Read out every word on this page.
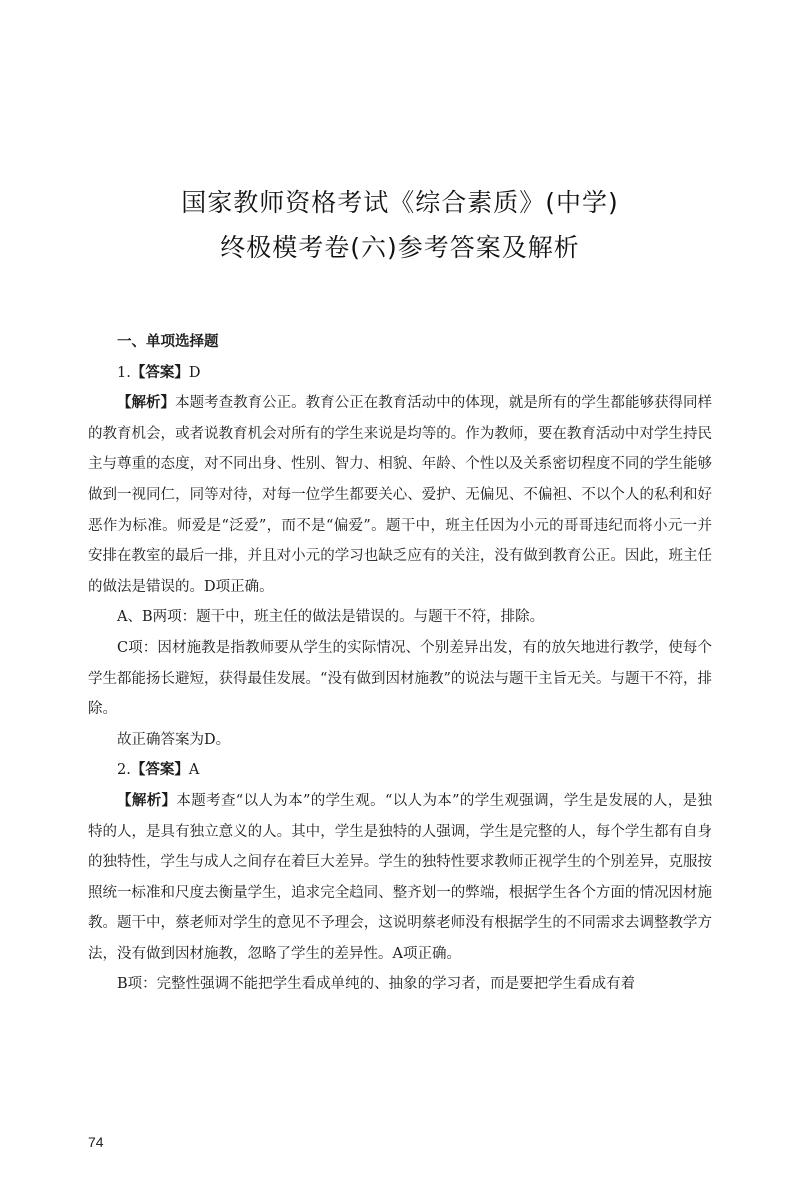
国家教师资格考试《综合素质》(中学)
终极模考卷(六)参考答案及解析

一、单项选择题

1.【答案】D

【解析】本题考查教育公正。教育公正在教育活动中的体现，就是所有的学生都能够获得同样的教育机会，或者说教育机会对所有的学生来说是均等的。作为教师，要在教育活动中对学生持民主与尊重的态度，对不同出身、性别、智力、相貌、年龄、个性以及关系密切程度不同的学生能够做到一视同仁，同等对待，对每一位学生都要关心、爱护、无偏见、不偏袒、不以个人的私利和好恶作为标准。师爱是“泛爱”，而不是“偏爱”。题干中，班主任因为小元的哥哥违纪而将小元一并安排在教室的最后一排，并且对小元的学习也缺乏应有的关注，没有做到教育公正。因此，班主任的做法是错误的。D项正确。

A、B两项：题干中，班主任的做法是错误的。与题干不符，排除。

C项：因材施教是指教师要从学生的实际情况、个别差异出发，有的放矢地进行教学，使每个学生都能扬长避短，获得最佳发展。“没有做到因材施教”的说法与题干主旨无关。与题干不符，排除。

故正确答案为D。

2.【答案】A

【解析】本题考查“以人为本”的学生观。“以人为本”的学生观强调，学生是发展的人，是独特的人，是具有独立意义的人。其中，学生是独特的人强调，学生是完整的人，每个学生都有自身的独特性，学生与成人之间存在着巨大差异。学生的独特性要求教师正视学生的个别差异，克服按照统一标准和尺度去衡量学生，追求完全趋同、整齐划一的弊端，根据学生各个方面的情况因材施教。题干中，蔡老师对学生的意见不予理会，这说明蔡老师没有根据学生的不同需求去调整教学方法，没有做到因材施教，忽略了学生的差异性。A项正确。

B项：完整性强调不能把学生看成单纯的、抽象的学习者，而是要把学生看成有着

74
